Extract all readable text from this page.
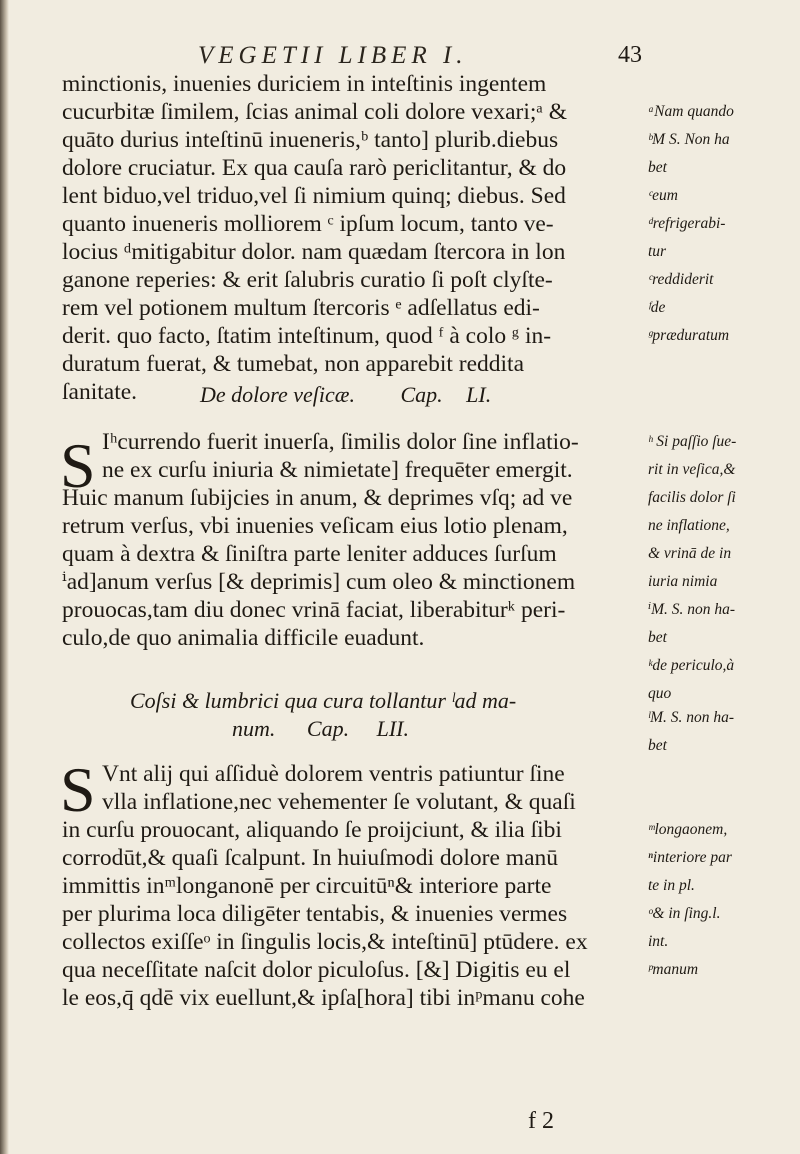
VEGETII LIBER I.	43
minctionis, inuenies duriciem in inteſtinis ingentem
cucurbitæ ſimilem, ſcias animal coli dolore vexari;ᵃ &
quāto durius inteſtinū inueneris,ᵇ tanto] plurib.diebus
dolore cruciatur. Ex qua cauſa rarò periclitantur, & do
lent biduo,vel triduo,vel ſi nimium quinq; diebus. Sed
quanto inueneris molliorem ᶜ ipſum locum, tanto ve-
locius ᵈmitigabitur dolor. nam quædam ſtercora in lon
ganone reperies: & erit ſalubris curatio ſi poſt clyſte-
rem vel potionem multum ſtercoris ᵉ adſellatus edi-
derit. quo facto, ſtatim inteſtinum, quod ᶠ à colo ᵍ in-
duratum fuerat, & tumebat, non apparebit reddita
ſanitate.
ᵃNam quando
ᵇM S. Non ha
bet
ᶜeum
ᵈrefrigerabi-
tur
ᶜreddiderit
ᶠde
ᵍpræduratum
De dolore veſicæ. Cap. LI.
S Iʰcurrendo fuerit inuerſa, ſimilis dolor ſine inflatio-
ne ex curſu iniuria & nimietate] frequēter emergit.
Huic manum ſubijcies in anum, & deprimes vſq; ad ve
retrum verſus, vbi inuenies veſicam eius lotio plenam,
quam à dextra & ſiniſtra parte leniter adduces ſurſum
ⁱad]anum verſus [& deprimis] cum oleo & minctionem
prouocas,tam diu donec vrinā faciat, liberabiturᵏ peri-
culo,de quo animalia difficile euadunt.
ʰ Si paſſio ſue-
rit in veſica,&
facilis dolor ſi
ne inflatione,
& vrinā de in
iuria nimia
ⁱM. S. non ha-
bet
ᵏde periculo,à
quo
Coſsi & lumbrici qua cura tollantur ˡad ma-
num. Cap. LII.
S Vnt alij qui aſſiduè dolorem ventris patiuntur ſine
vlla inflatione,nec vehementer ſe volutant, & quaſi
in curſu prouocant, aliquando ſe proijciunt, & ilia ſibi
corrodūt,& quaſi ſcalpunt. In huiuſmodi dolore manū
immittis inᵐlonganonē per circuitūⁿ& interiore parte
per plurima loca diligēter tentabis, & inuenies vermes
collectos exiſſeᵒ in ſingulis locis,& inteſtinū] ptūdere. ex
qua neceſſitate naſcit dolor piculoſus. [&] Digitis eu el
le eos,q̄ qdē vix euellunt,& ipſa[hora] tibi inᵖmanu cohe
ˡM. S. non ha-
bet
ᵐlongaonem,
ⁿinteriore par
te in pl.
ᵒ& in ſing.l.
int.
ᵖmanum
f 2
